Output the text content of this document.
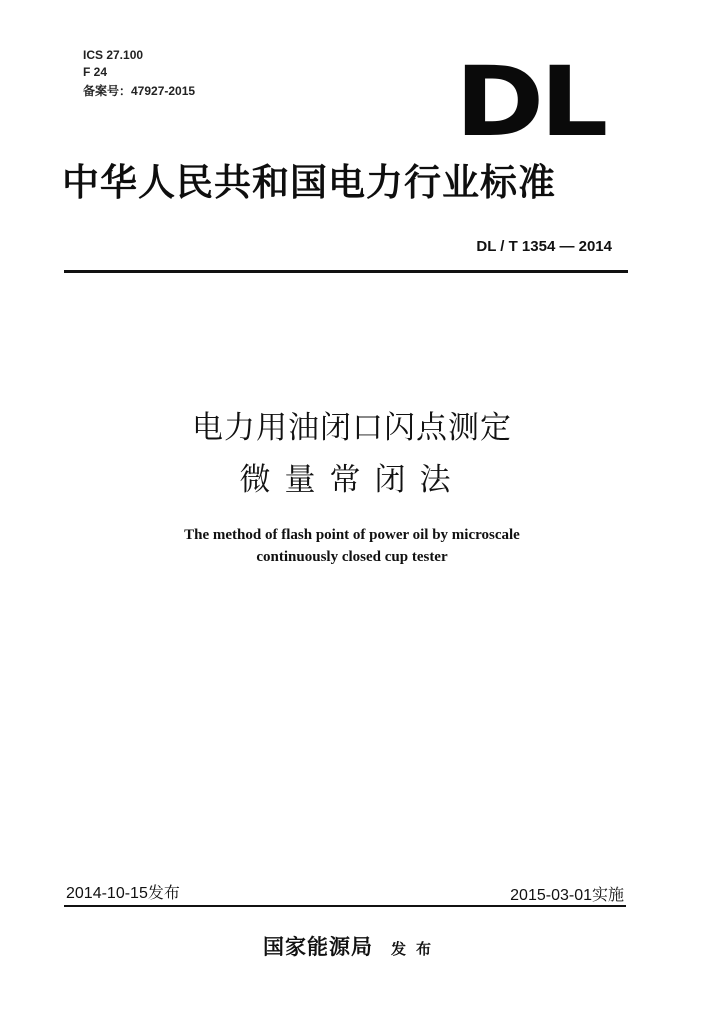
ICS 27.100
F 24
备案号：47927-2015	DL
中华人民共和国电力行业标准
DL / T 1354 — 2014
电力用油闭口闪点测定
微量常闭法
The method of flash point of power oil by microscale
continuously closed cup tester
2014-10-15发布	2015-03-01实施
国家能源局 发布
